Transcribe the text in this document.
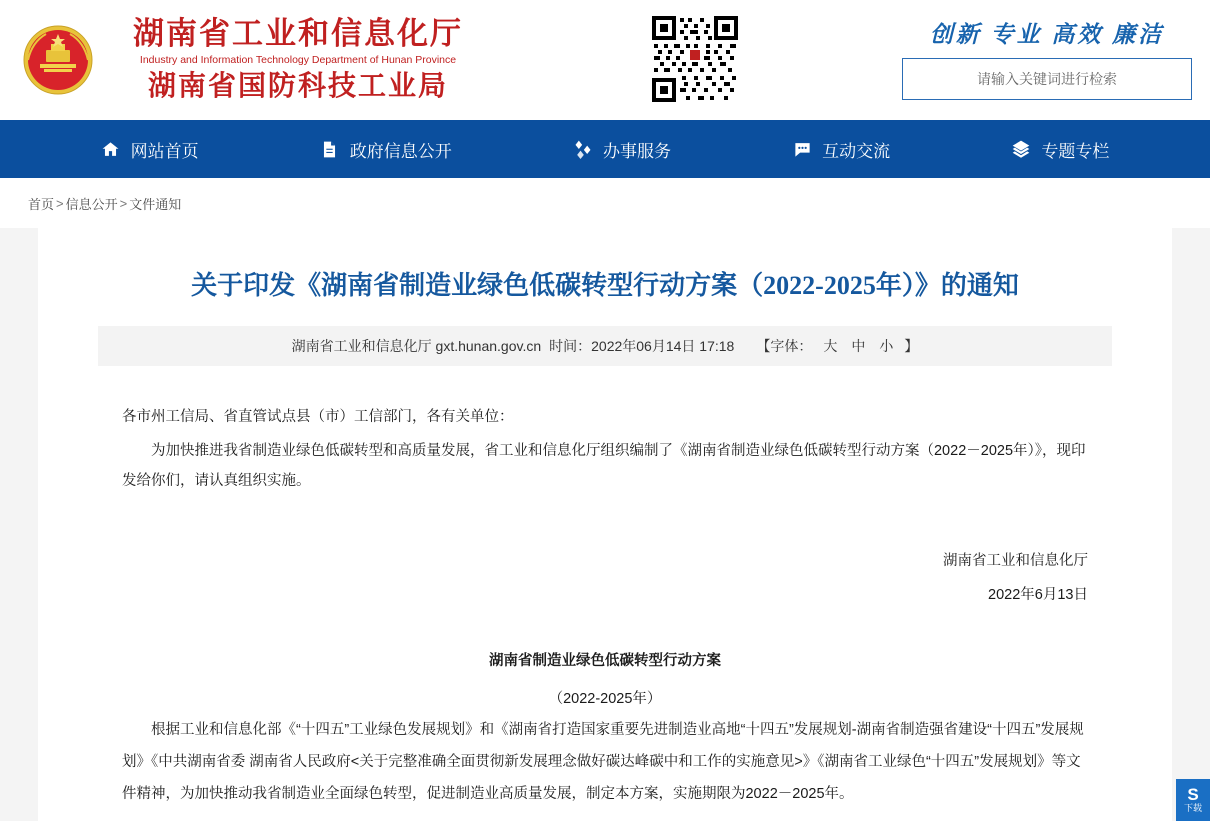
湖南省工业和信息化厅
Industry and Information Technology Department of Hunan Province
湖南省国防科技工业局
创新 专业 高效 廉洁
请输入关键词进行检索
网站首页	政府信息公开	办事服务	互动交流	专题专栏
首页 > 信息公开 > 文件通知
关于印发《湖南省制造业绿色低碳转型行动方案（2022-2025年）》的通知
湖南省工业和信息化厅 gxt.hunan.gov.cn 时间：2022年06月14日 17:18 【字体： 大 中 小 】

各市州工信局、省直管试点县（市）工信部门，各有关单位：

为加快推进我省制造业绿色低碳转型和高质量发展，省工业和信息化厅组织编制了《湖南省制造业绿色低碳转型行动方案（2022－2025年）》，现印发给你们，请认真组织实施。

湖南省工业和信息化厅

2022年6月13日

湖南省制造业绿色低碳转型行动方案
（2022-2025年）

根据工业和信息化部《“十四五”工业绿色发展规划》和《湖南省打造国家重要先进制造业高地“十四五”发展规划-湖南省制造强省建设“十四五”发展规划》《中共湖南省委 湖南省人民政府<关于完整准确全面贯彻新发展理念做好碳达峰碳中和工作的实施意见>》《湖南省工业绿色“十四五”发展规划》等文件精神，为加快推动我省制造业全面绿色转型，促进制造业高质量发展，制定本方案，实施期限为2022－2025年。	S
下载
